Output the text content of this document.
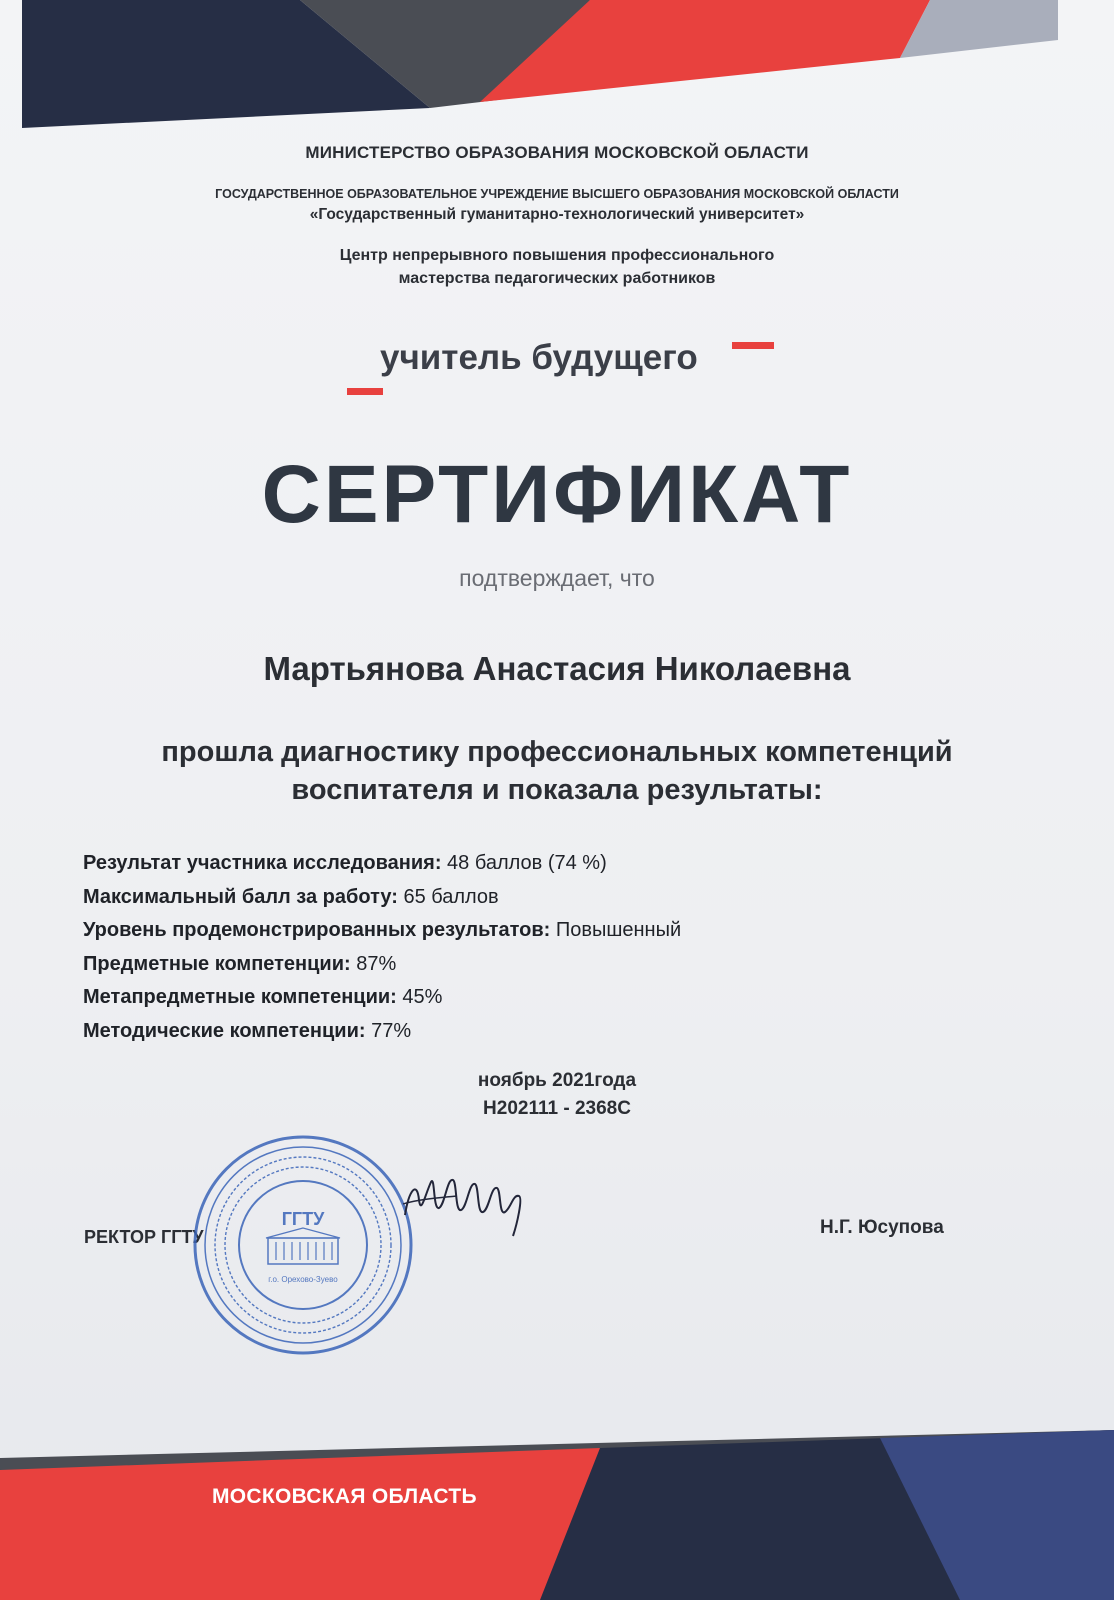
МИНИСТЕРСТВО ОБРАЗОВАНИЯ МОСКОВСКОЙ ОБЛАСТИ
ГОСУДАРСТВЕННОЕ ОБРАЗОВАТЕЛЬНОЕ УЧРЕЖДЕНИЕ ВЫСШЕГО ОБРАЗОВАНИЯ МОСКОВСКОЙ ОБЛАСТИ
«Государственный гуманитарно-технологический университет»
Центр непрерывного повышения профессионального
мастерства педагогических работников
учитель будущего
СЕРТИФИКАТ
подтверждает, что
Мартьянова Анастасия Николаевна
прошла диагностику профессиональных компетенций
воспитателя и показала результаты:
Результат участника исследования: 48 баллов (74 %)
Максимальный балл за работу: 65 баллов
Уровень продемонстрированных результатов: Повышенный
Предметные компетенции: 87%
Метапредметные компетенции: 45%
Методические компетенции: 77%
ноябрь 2021года
Н202111 - 2368С
РЕКТОР ГГТУ	Н.Г. Юсупова
ГГТУ
г.о. Орехово-Зуево
МОСКОВСКАЯ ОБЛАСТЬ
